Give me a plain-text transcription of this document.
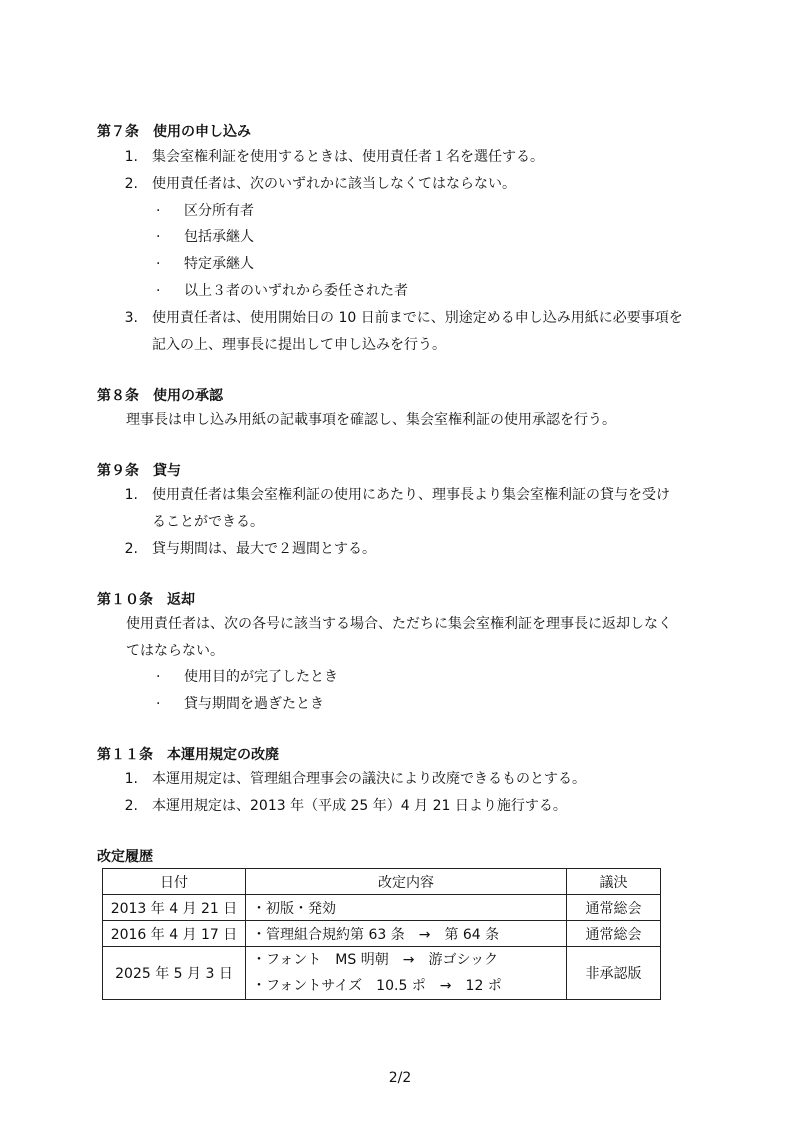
第７条　使用の申し込み
1. 集会室権利証を使用するときは、使用責任者１名を選任する。
2. 使用責任者は、次のいずれかに該当しなくてはならない。
· 区分所有者
· 包括承継人
· 特定承継人
· 以上３者のいずれから委任された者
3. 使用責任者は、使用開始日の 10 日前までに、別途定める申し込み用紙に必要事項を
記入の上、理事長に提出して申し込みを行う。
第８条　使用の承認
理事長は申し込み用紙の記載事項を確認し、集会室権利証の使用承認を行う。
第９条　貸与
1. 使用責任者は集会室権利証の使用にあたり、理事長より集会室権利証の貸与を受け
ることができる。
2. 貸与期間は、最大で２週間とする。
第１０条　返却
使用責任者は、次の各号に該当する場合、ただちに集会室権利証を理事長に返却しなく
てはならない。
· 使用目的が完了したとき
· 貸与期間を過ぎたとき
第１１条　本運用規定の改廃
1. 本運用規定は、管理組合理事会の議決により改廃できるものとする。
2. 本運用規定は、2013 年（平成 25 年）4 月 21 日より施行する。
改定履歴
日付	改定内容	議決
2013 年 4 月 21 日	・初版・発効	通常総会
2016 年 4 月 17 日	・管理組合規約第 63 条　→　第 64 条	通常総会
2025 年 5 月 3 日	・フォント　MS 明朝　→　游ゴシック
・フォントサイズ　10.5 ポ　→　12 ポ	非承認版
2/2
